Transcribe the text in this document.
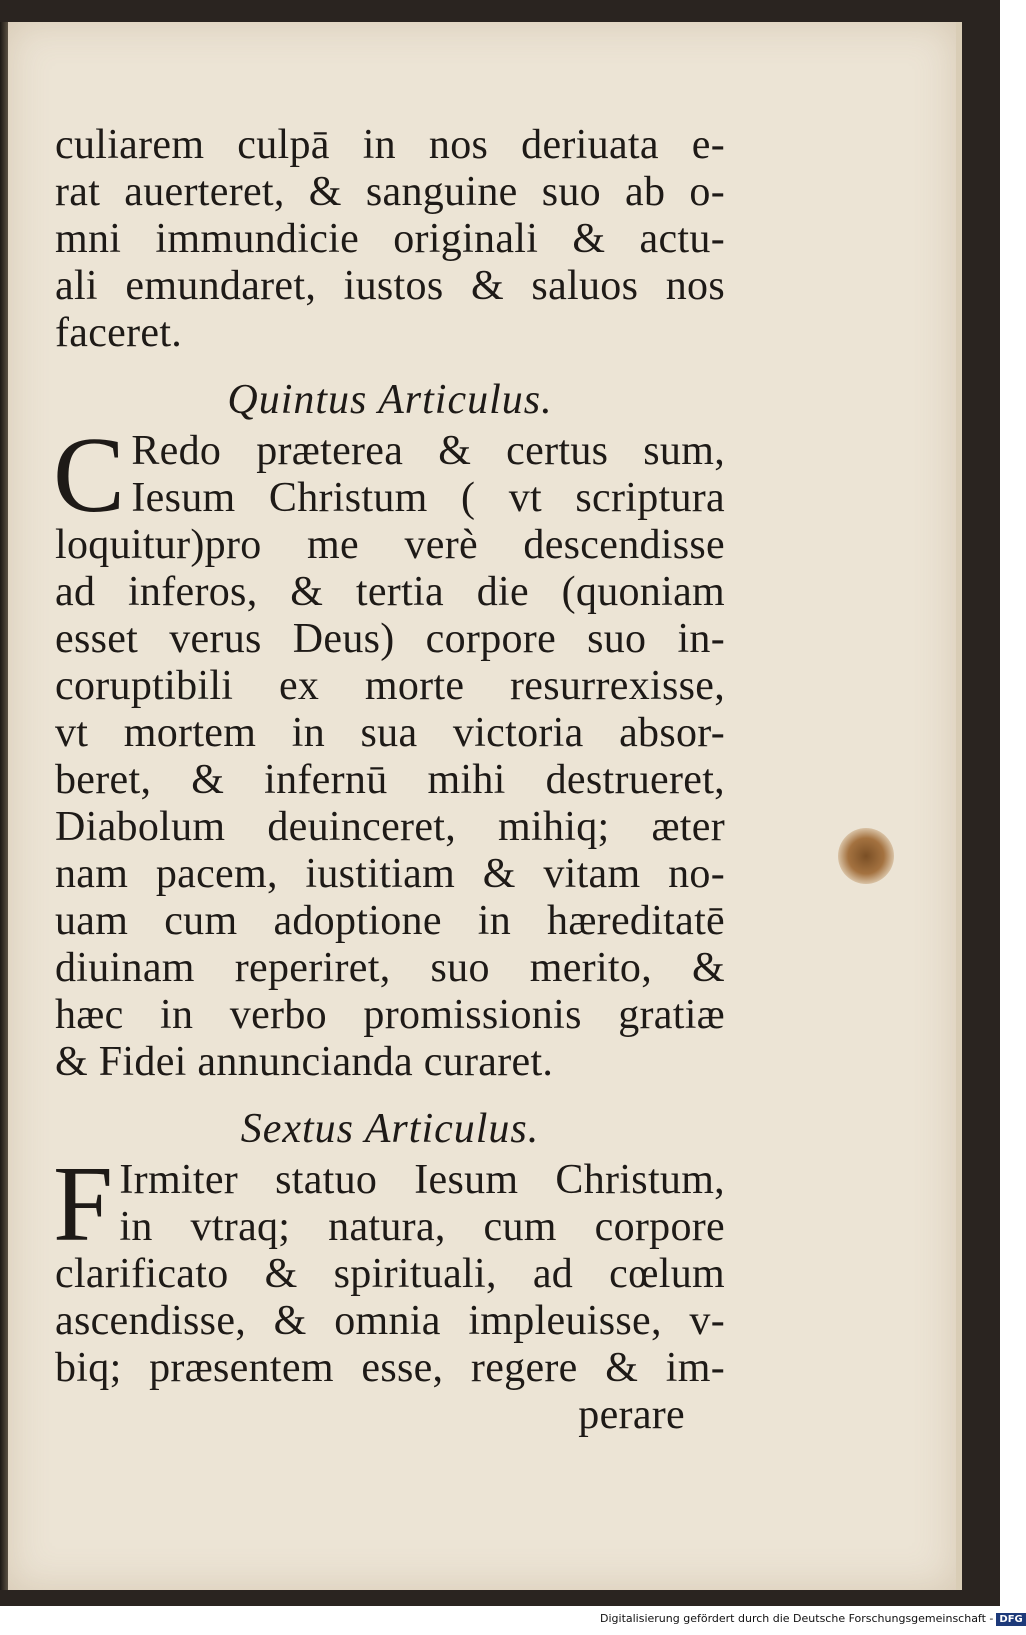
culiarem culpā in nos deriuata e-
rat auerteret, & sanguine suo ab o-
mni immundicie originali & actu-
ali emundaret, iustos & saluos nos
faceret.
Quintus Articulus.
C Redo præterea & certus sum,
Iesum Christum ( vt scriptura
loquitur)pro me verè descendisse
ad inferos, & tertia die (quoniam
esset verus Deus) corpore suo in-
coruptibili ex morte resurrexisse,
vt mortem in sua victoria absor-
beret, & infernū mihi destrueret,
Diabolum deuinceret, mihiq; æter
nam pacem, iustitiam & vitam no-
uam cum adoptione in hæreditatē
diuinam reperiret, suo merito, &
hæc in verbo promissionis gratiæ
& Fidei annuncianda curaret.
Sextus Articulus.
F Irmiter statuo Iesum Christum,
in vtraq; natura, cum corpore
clarificato & spirituali, ad cœlum
ascendisse, & omnia impleuisse, v-
biq; præsentem esse, regere & im-
perare
Digitalisierung gefördert durch die Deutsche Forschungsgemeinschaft - DFG
